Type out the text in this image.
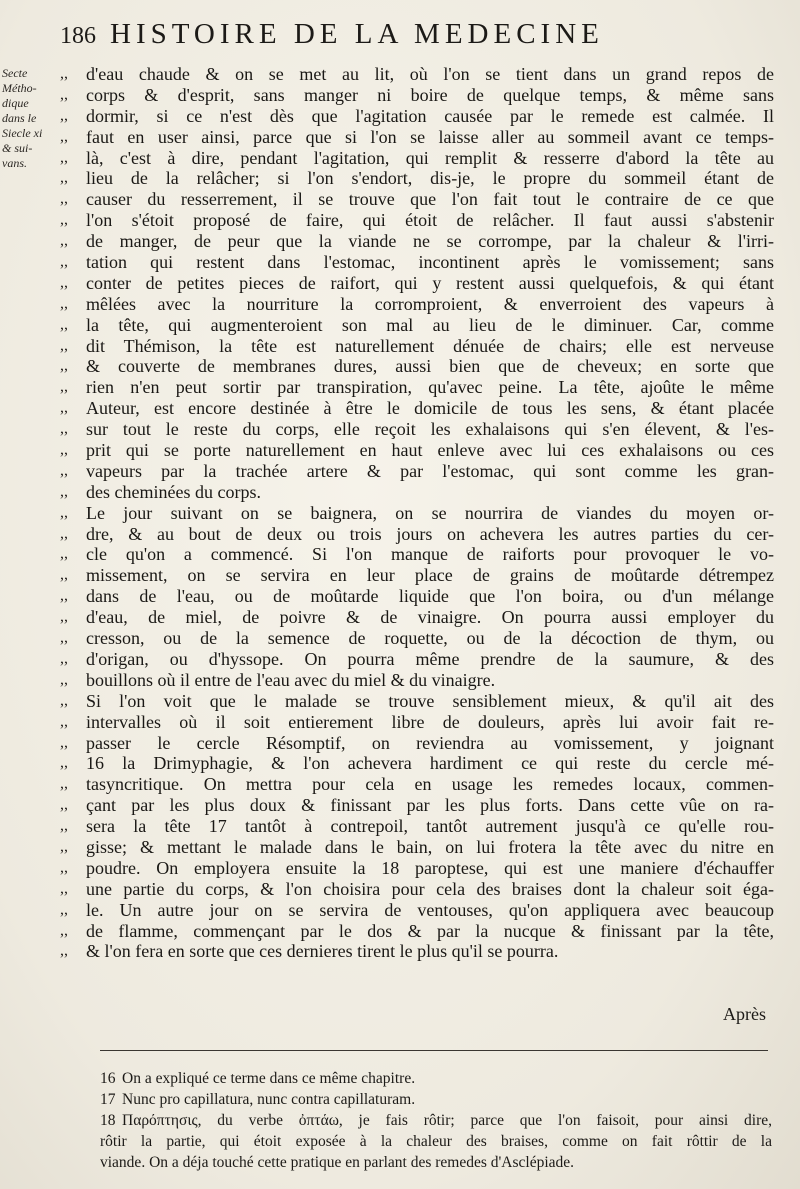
186 HISTOIRE DE LA MEDECINE
Secte
Métho-
dique
dans le
Siecle xi
& sui-
vans.
,,
,,
,,
,,
,,
,,
,,
,,
,,
,,
,,
,,
,,
,,
,,
,,
,,
,,
,,
,,
,,
,,
,,
,,
,,
,,
,,
,,
,,
,,
,,
,,
,,
,,
,,
,,
,,
,,
,,
,,
,,
,,
,,
d'eau chaude & on se met au lit, où l'on se tient dans un grand repos de
corps & d'esprit, sans manger ni boire de quelque temps, & même sans
dormir, si ce n'est dès que l'agitation causée par le remede est calmée. Il
faut en user ainsi, parce que si l'on se laisse aller au sommeil avant ce temps-
là, c'est à dire, pendant l'agitation, qui remplit & resserre d'abord la tête au
lieu de la relâcher; si l'on s'endort, dis-je, le propre du sommeil étant de
causer du resserrement, il se trouve que l'on fait tout le contraire de ce que
l'on s'étoit proposé de faire, qui étoit de relâcher. Il faut aussi s'abstenir
de manger, de peur que la viande ne se corrompe, par la chaleur & l'irri-
tation qui restent dans l'estomac, incontinent après le vomissement; sans
conter de petites pieces de raifort, qui y restent aussi quelquefois, & qui étant
mêlées avec la nourriture la corromproient, & enverroient des vapeurs à
la tête, qui augmenteroient son mal au lieu de le diminuer. Car, comme
dit Thémison, la tête est naturellement dénuée de chairs; elle est nerveuse
& couverte de membranes dures, aussi bien que de cheveux; en sorte que
rien n'en peut sortir par transpiration, qu'avec peine. La tête, ajoûte le même
Auteur, est encore destinée à être le domicile de tous les sens, & étant placée
sur tout le reste du corps, elle reçoit les exhalaisons qui s'en élevent, & l'es-
prit qui se porte naturellement en haut enleve avec lui ces exhalaisons ou ces
vapeurs par la trachée artere & par l'estomac, qui sont comme les gran-
des cheminées du corps.
Le jour suivant on se baignera, on se nourrira de viandes du moyen or-
dre, & au bout de deux ou trois jours on achevera les autres parties du cer-
cle qu'on a commencé. Si l'on manque de raiforts pour provoquer le vo-
missement, on se servira en leur place de grains de moûtarde détrempez
dans de l'eau, ou de moûtarde liquide que l'on boira, ou d'un mélange
d'eau, de miel, de poivre & de vinaigre. On pourra aussi employer du
cresson, ou de la semence de roquette, ou de la décoction de thym, ou
d'origan, ou d'hyssope. On pourra même prendre de la saumure, & des
bouillons où il entre de l'eau avec du miel & du vinaigre.
Si l'on voit que le malade se trouve sensiblement mieux, & qu'il ait des
intervalles où il soit entierement libre de douleurs, après lui avoir fait re-
passer le cercle Résomptif, on reviendra au vomissement, y joignant
16 la Drimyphagie, & l'on achevera hardiment ce qui reste du cercle mé-
tasyncritique. On mettra pour cela en usage les remedes locaux, commen-
çant par les plus doux & finissant par les plus forts. Dans cette vûe on ra-
sera la tête 17 tantôt à contrepoil, tantôt autrement jusqu'à ce qu'elle rou-
gisse; & mettant le malade dans le bain, on lui frotera la tête avec du nitre en
poudre. On employera ensuite la 18 paroptese, qui est une maniere d'échauffer
une partie du corps, & l'on choisira pour cela des braises dont la chaleur soit éga-
le. Un autre jour on se servira de ventouses, qu'on appliquera avec beaucoup
de flamme, commençant par le dos & par la nucque & finissant par la tête,
& l'on fera en sorte que ces dernieres tirent le plus qu'il se pourra.
Après
16 On a expliqué ce terme dans ce même chapitre.
17 Nunc pro capillatura, nunc contra capillaturam.
18 Παρόπτησις, du verbe ὀπτάω, je fais rôtir; parce que l'on faisoit, pour ainsi dire,
rôtir la partie, qui étoit exposée à la chaleur des braises, comme on fait rôttir de la
viande. On a déja touché cette pratique en parlant des remedes d'Asclépiade.
